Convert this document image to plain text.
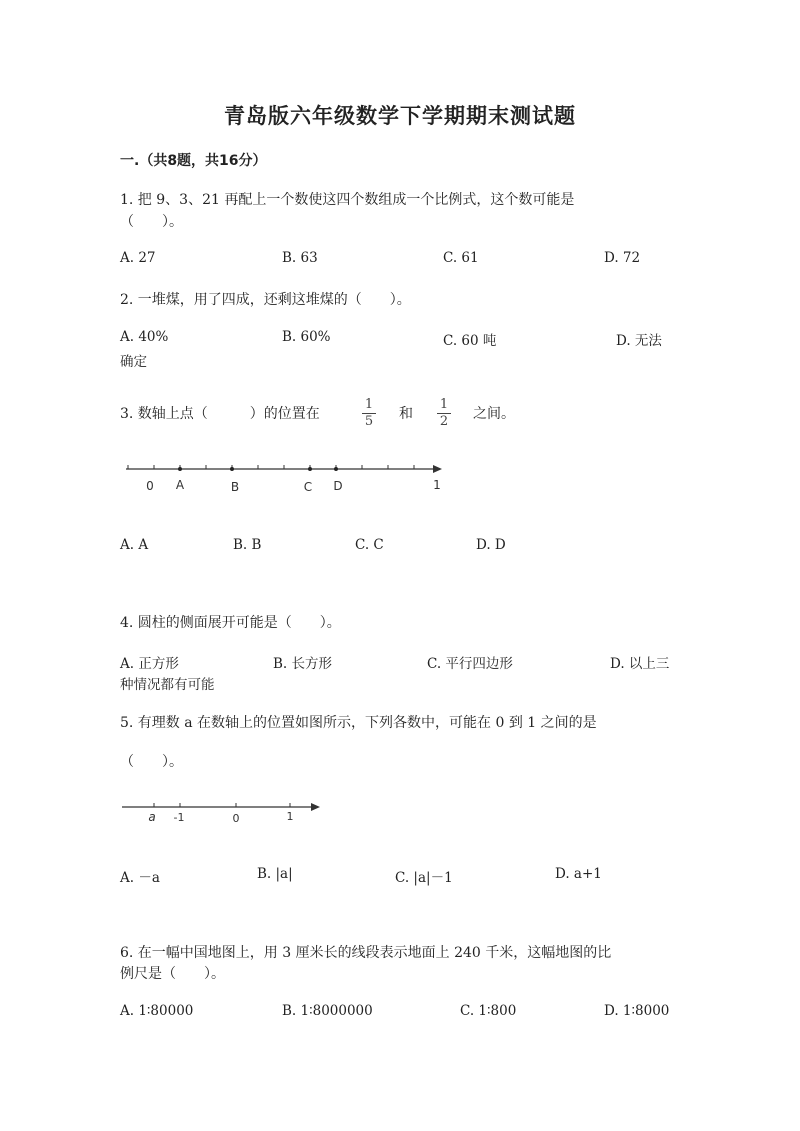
青岛版六年级数学下学期期末测试题
一.（共8题，共16分）
1. 把 9、3、21 再配上一个数使这四个数组成一个比例式，这个数可能是
（　　）。
A. 27	B. 63	C. 61	D. 72
2. 一堆煤，用了四成，还剩这堆煤的（　　）。
A. 40%	B. 60%	C. 60 吨	D. 无法
确定
3. 数轴上点（　　　）的位置在	$\frac{1}{5}$ 和 $\frac{1}{2}$ 之间。
0 A	B	C D	1
A. A	B. B	C. C	D. D
4. 圆柱的侧面展开可能是（　　）。
A. 正方形	B. 长方形	C. 平行四边形	D. 以上三
种情况都有可能
5. 有理数 a 在数轴上的位置如图所示，下列各数中，可能在 0 到 1 之间的是
（　　）。
a -1	0	1
A. －a	B. |a|	C. |a|－1	D. a+1
6. 在一幅中国地图上，用 3 厘米长的线段表示地面上 240 千米，这幅地图的比
例尺是（　　）。
A. 1∶80000	B. 1∶8000000	C. 1∶800	D. 1∶8000
